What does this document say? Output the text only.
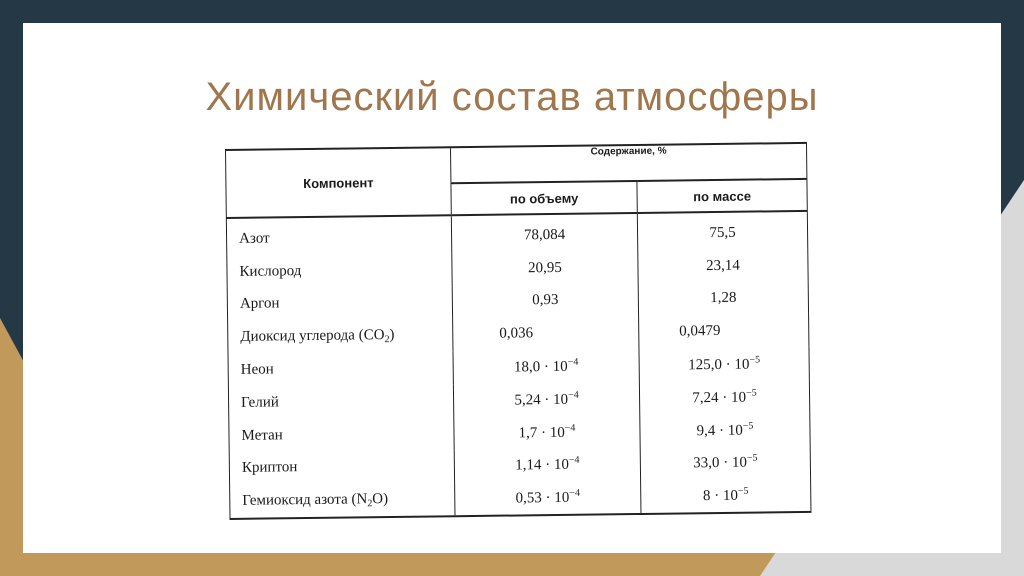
Химический состав атмосферы
Компонент	Содержание, %	
	по объему	по массе
Азот	78,084	75,5
Кислород	20,95	23,14
Аргон	0,93	1,28
Диоксид углерода $(CO_2)$	0,036	0,0479
Неон	$18,0 \cdot 10^{-4}$	$125,0 \cdot 10^{-5}$
Гелий	$5,24 \cdot 10^{-4}$	$7,24 \cdot 10^{-5}$
Метан	$1,7 \cdot 10^{-4}$	$9,4 \cdot 10^{-5}$
Криптон	$1,14 \cdot 10^{-4}$	$33,0 \cdot 10^{-5}$
Гемиоксид азота $(N_2O)$	$0,53 \cdot 10^{-4}$	$8 \cdot 10^{-5}$
